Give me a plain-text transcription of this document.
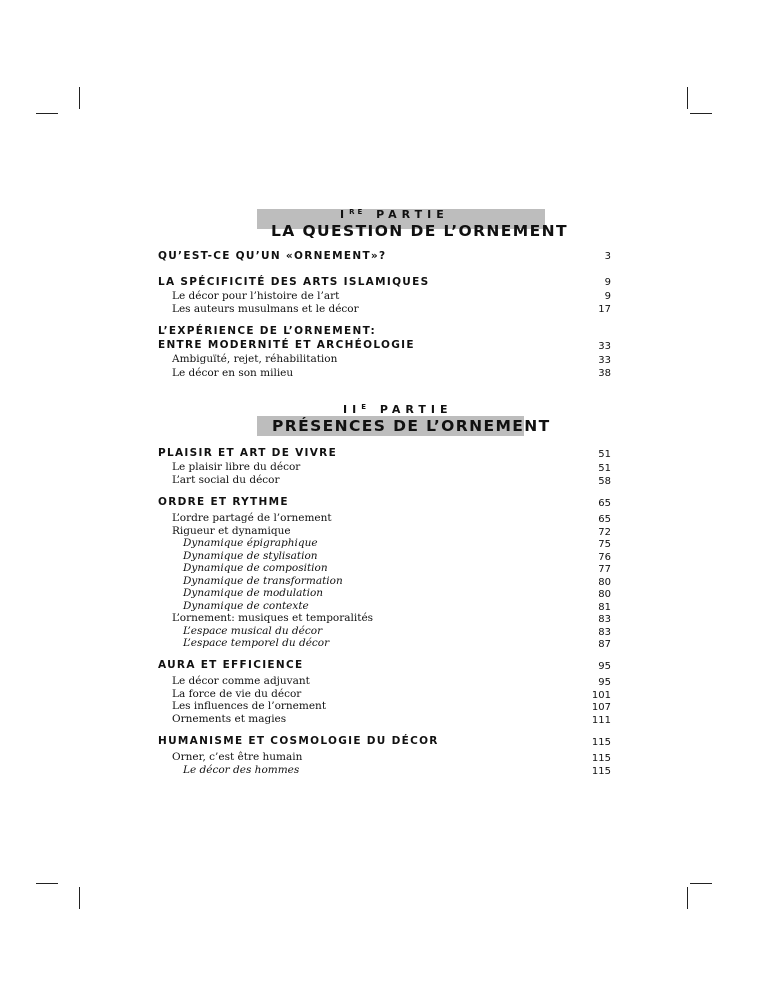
IRE PARTIE
LA QUESTION DE L’ORNEMENT
QU’EST-CE QU’UN «ORNEMENT»?	3
LA SPÉCIFICITÉ DES ARTS ISLAMIQUES	9
Le décor pour l’histoire de l’art	9
Les auteurs musulmans et le décor	17
L’EXPÉRIENCE DE L’ORNEMENT:
ENTRE MODERNITÉ ET ARCHÉOLOGIE	33
Ambiguïté, rejet, réhabilitation	33
Le décor en son milieu	38
$II^E$ PARTIE
PRÉSENCES DE L’ORNEMENT
PLAISIR ET ART DE VIVRE	51
Le plaisir libre du décor	51
L’art social du décor	58
ORDRE ET RYTHME	65
L’ordre partagé de l’ornement	65
Rigueur et dynamique	72
Dynamique épigraphique	75
Dynamique de stylisation	76
Dynamique de composition	77
Dynamique de transformation	80
Dynamique de modulation	80
Dynamique de contexte	81
L’ornement: musiques et temporalités	83
L’espace musical du décor	83
L’espace temporel du décor	87
AURA ET EFFICIENCE	95
Le décor comme adjuvant	95
La force de vie du décor	101
Les influences de l’ornement	107
Ornements et magies	111
HUMANISME ET COSMOLOGIE DU DÉCOR	115
Orner, c’est être humain	115
Le décor des hommes	115
